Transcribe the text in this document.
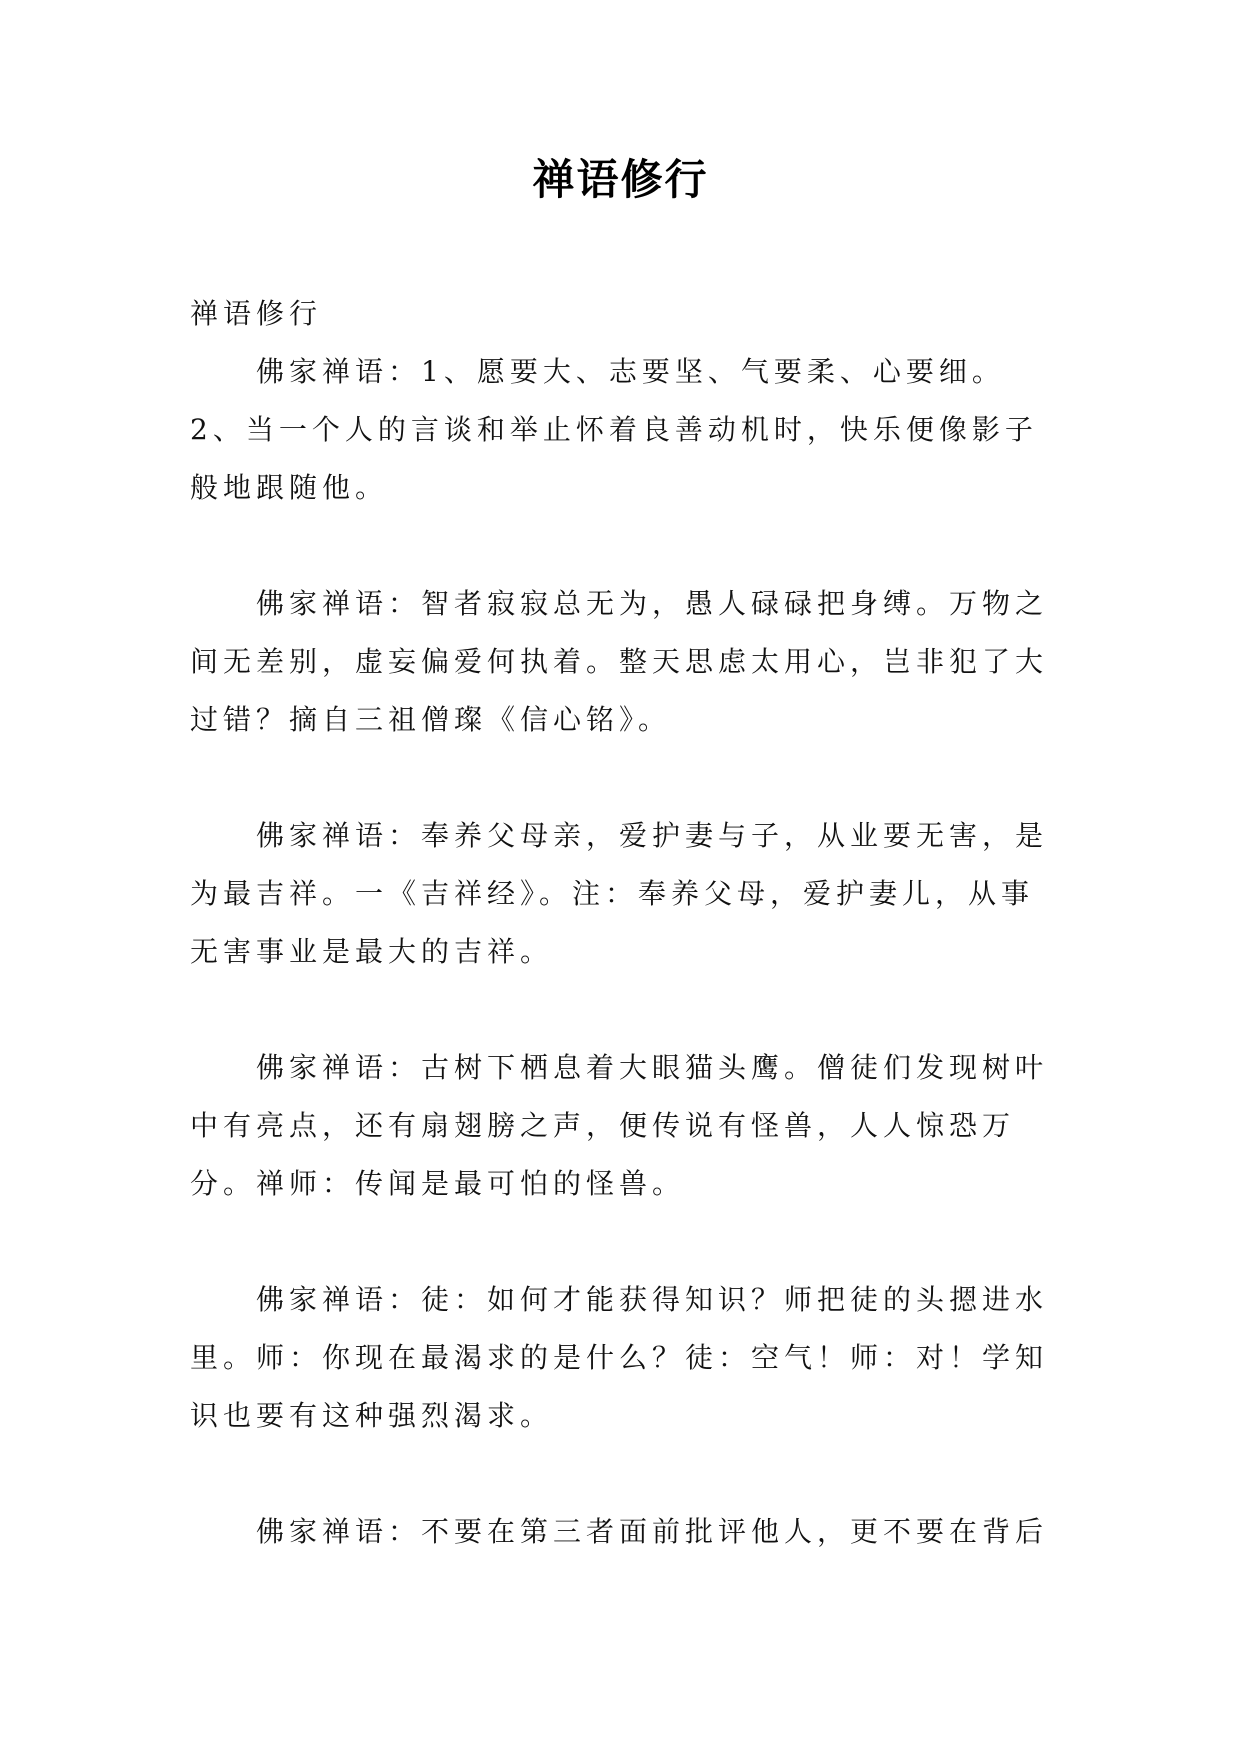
禅语修行

禅语修行

佛家禅语：1、愿要大、志要坚、气要柔、心要细。2、当一个人的言谈和举止怀着良善动机时，快乐便像影子般地跟随他。

佛家禅语：智者寂寂总无为，愚人碌碌把身缚。万物之间无差别，虚妄偏爱何执着。整天思虑太用心，岂非犯了大过错？摘自三祖僧璨《信心铭》。

佛家禅语：奉养父母亲，爱护妻与子，从业要无害，是为最吉祥。一《吉祥经》。注：奉养父母，爱护妻儿，从事无害事业是最大的吉祥。

佛家禅语：古树下栖息着大眼猫头鹰。僧徒们发现树叶中有亮点，还有扇翅膀之声，便传说有怪兽，人人惊恐万分。禅师：传闻是最可怕的怪兽。

佛家禅语：徒：如何才能获得知识？师把徒的头摁进水里。师：你现在最渴求的是什么？徒：空气！师：对！学知识也要有这种强烈渴求。

佛家禅语：不要在第三者面前批评他人，更不要在背后
